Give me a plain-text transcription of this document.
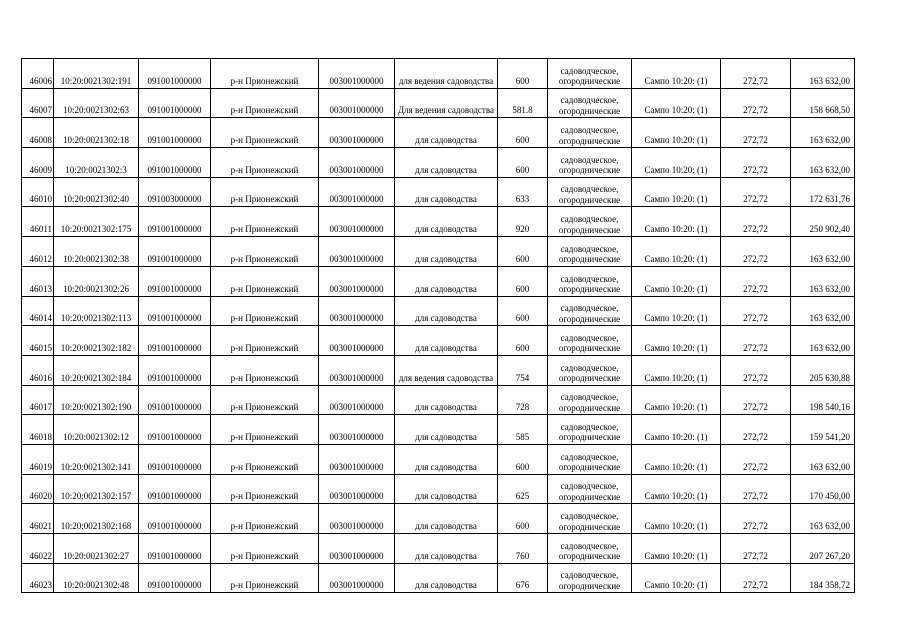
46006	10:20:0021302:191	091001000000	р-н Прионежский	003001000000	для ведения садоводства	600	садоводческое, огороднические	Сампо 10:20: (1)	272,72	163 632,00
46007	10:20:0021302:63	091001000000	р-н Прионежский	003001000000	Для ведения садоводства	581.8	садоводческое, огороднические	Сампо 10:20: (1)	272,72	158 668,50
46008	10:20:0021302:18	091001000000	р-н Прионежский	003001000000	для садоводства	600	садоводческое, огороднические	Сампо 10:20: (1)	272,72	163 632,00
46009	10:20:0021302:3	091001000000	р-н Прионежский	003001000000	для садоводства	600	садоводческое, огороднические	Сампо 10:20: (1)	272,72	163 632,00
46010	10:20:0021302:40	091003000000	р-н Прионежский	003001000000	для садоводства	633	садоводческое, огороднические	Сампо 10:20: (1)	272,72	172 631,76
46011	10:20:0021302:175	091001000000	р-н Прионежский	003001000000	для садоводства	920	садоводческое, огороднические	Сампо 10:20: (1)	272,72	250 902,40
46012	10:20:0021302:38	091001000000	р-н Прионежский	003001000000	для садоводства	600	садоводческое, огороднические	Сампо 10:20: (1)	272,72	163 632,00
46013	10:20:0021302:26	091001000000	р-н Прионежский	003001000000	для садоводства	600	садоводческое, огороднические	Сампо 10:20: (1)	272,72	163 632,00
46014	10:20:0021302:113	091001000000	р-н Прионежский	003001000000	для садоводства	600	садоводческое, огороднические	Сампо 10:20: (1)	272,72	163 632,00
46015	10:20:0021302:182	091001000000	р-н Прионежский	003001000000	для садоводства	600	садоводческое, огороднические	Сампо 10:20: (1)	272,72	163 632,00
46016	10:20:0021302:184	091001000000	р-н Прионежский	003001000000	для ведения садоводства	754	садоводческое, огороднические	Сампо 10:20: (1)	272,72	205 630,88
46017	10:20:0021302:190	091001000000	р-н Прионежский	003001000000	для садоводства	728	садоводческое, огороднические	Сампо 10:20: (1)	272,72	198 540,16
46018	10:20:0021302:12	091001000000	р-н Прионежский	003001000000	для садоводства	585	садоводческое, огороднические	Сампо 10:20: (1)	272,72	159 541,20
46019	10:20:0021302:141	091001000000	р-н Прионежский	003001000000	для садоводства	600	садоводческое, огороднические	Сампо 10:20: (1)	272,72	163 632,00
46020	10:20:0021302:157	091001000000	р-н Прионежский	003001000000	для садоводства	625	садоводческое, огороднические	Сампо 10:20: (1)	272,72	170 450,00
46021	10:20:0021302:168	091001000000	р-н Прионежский	003001000000	для садоводства	600	садоводческое, огороднические	Сампо 10:20: (1)	272,72	163 632,00
46022	10:20:0021302:27	091001000000	р-н Прионежский	003001000000	для садоводства	760	садоводческое, огороднические	Сампо 10:20: (1)	272,72	207 267,20
46023	10:20:0021302:48	091001000000	р-н Прионежский	003001000000	для садоводства	676	садоводческое, огороднические	Сампо 10:20: (1)	272,72	184 358,72
